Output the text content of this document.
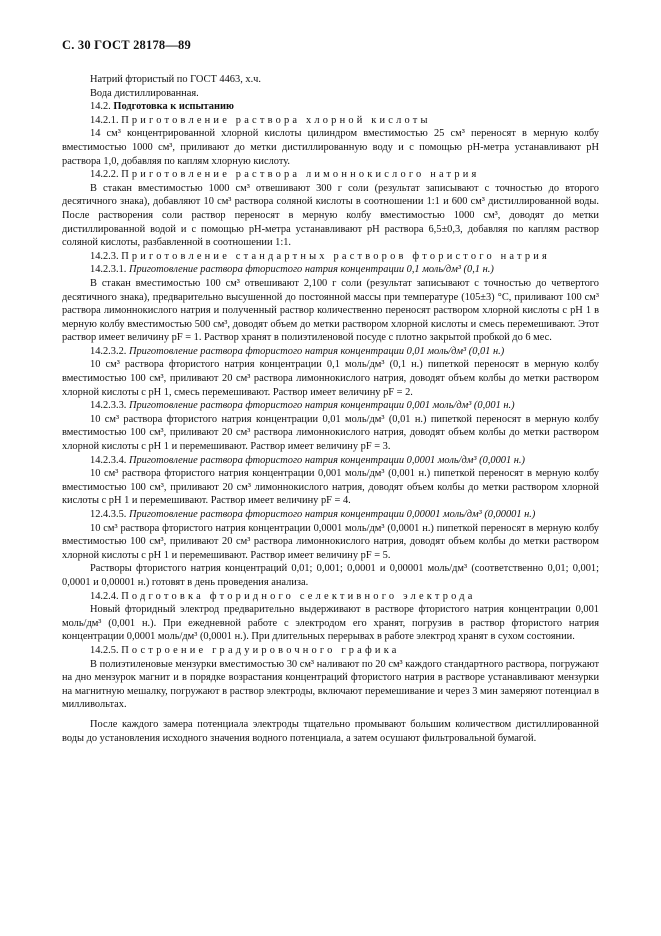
С. 30 ГОСТ 28178—89

Натрий фтористый по ГОСТ 4463, х.ч.

Вода дистиллированная.

14.2. Подготовка к испытанию

14.2.1. Приготовление раствора хлорной кислоты

14 см³ концентрированной хлорной кислоты цилиндром вместимостью 25 см³ переносят в мерную колбу вместимостью 1000 см³, приливают до метки дистиллированную воду и с помощью рН-метра устанавливают рН раствора 1,0, добавляя по каплям хлорную кислоту.

14.2.2. Приготовление раствора лимоннокислого натрия

В стакан вместимостью 1000 см³ отвешивают 300 г соли (результат записывают с точностью до второго десятичного знака), добавляют 10 см³ раствора соляной кислоты в соотношении 1:1 и 600 см³ дистиллированной воды. После растворения соли раствор переносят в мерную колбу вместимостью 1000 см³, доводят до метки дистиллированной водой и с помощью рН-метра устанавливают рН раствора 6,5±0,3, добавляя по каплям раствор соляной кислоты, разбавленной в соотношении 1:1.

14.2.3. Приготовление стандартных растворов фтористого натрия

14.2.3.1. Приготовление раствора фтористого натрия концентрации 0,1 моль/дм³ (0,1 н.)

В стакан вместимостью 100 см³ отвешивают 2,100 г соли (результат записывают с точностью до четвертого десятичного знака), предварительно высушенной до постоянной массы при температуре (105±3) °С, приливают 100 см³ раствора лимоннокислого натрия и полученный раствор количественно переносят раствором хлорной кислоты с рН 1 в мерную колбу вместимостью 500 см³, доводят объем до метки раствором хлорной кислоты и смесь перемешивают. Этот раствор имеет величину рF = 1. Раствор хранят в полиэтиленовой посуде с плотно закрытой пробкой до 6 мес.

14.2.3.2. Приготовление раствора фтористого натрия концентрации 0,01 моль/дм³ (0,01 н.)

10 см³ раствора фтористого натрия концентрации 0,1 моль/дм³ (0,1 н.) пипеткой переносят в мерную колбу вместимостью 100 см³, приливают 20 см³ раствора лимоннокислого натрия, доводят объем колбы до метки раствором хлорной кислоты с рН 1, смесь перемешивают. Раствор имеет величину рF = 2.

14.2.3.3. Приготовление раствора фтористого натрия концентрации 0,001 моль/дм³ (0,001 н.)

10 см³ раствора фтористого натрия концентрации 0,01 моль/дм³ (0,01 н.) пипеткой переносят в мерную колбу вместимостью 100 см³, приливают 20 см³ раствора лимоннокислого натрия, доводят объем колбы до метки раствором хлорной кислоты с рН 1 и перемешивают. Раствор имеет величину рF = 3.

14.2.3.4. Приготовление раствора фтористого натрия концентрации 0,0001 моль/дм³ (0,0001 н.)

10 см³ раствора фтористого натрия концентрации 0,001 моль/дм³ (0,001 н.) пипеткой переносят в мерную колбу вместимостью 100 см³, приливают 20 см³ лимоннокислого натрия, доводят объем колбы до метки раствором хлорной кислоты с рН 1 и перемешивают. Раствор имеет величину рF = 4.

12.4.3.5. Приготовление раствора фтористого натрия концентрации 0,00001 моль/дм³ (0,00001 н.)

10 см³ раствора фтористого натрия концентрации 0,0001 моль/дм³ (0,0001 н.) пипеткой переносят в мерную колбу вместимостью 100 см³, приливают 20 см³ раствора лимоннокислого натрия, доводят объем колбы до метки раствором хлорной кислоты с рН 1 и перемешивают. Раствор имеет величину рF = 5.

Растворы фтористого натрия концентраций 0,01; 0,001; 0,0001 и 0,00001 моль/дм³ (соответственно 0,01; 0,001; 0,0001 и 0,00001 н.) готовят в день проведения анализа.

14.2.4. Подготовка фторидного селективного электрода

Новый фторидный электрод предварительно выдерживают в растворе фтористого натрия концентрации 0,001 моль/дм³ (0,001 н.). При ежедневной работе с электродом его хранят, погрузив в раствор фтористого натрия концентрации 0,0001 моль/дм³ (0,0001 н.). При длительных перерывах в работе электрод хранят в сухом состоянии.

14.2.5. Построение градуировочного графика

В полиэтиленовые мензурки вместимостью 30 см³ наливают по 20 см³ каждого стандартного раствора, погружают на дно мензурок магнит и в порядке возрастания концентраций фтористого натрия в растворе устанавливают мензурки на магнитную мешалку, погружают в раствор электроды, включают перемешивание и через 3 мин замеряют потенциал в милливольтах.

После каждого замера потенциала электроды тщательно промывают большим количеством дистиллированной воды до установления исходного значения водного потенциала, а затем осушают фильтровальной бумагой.
